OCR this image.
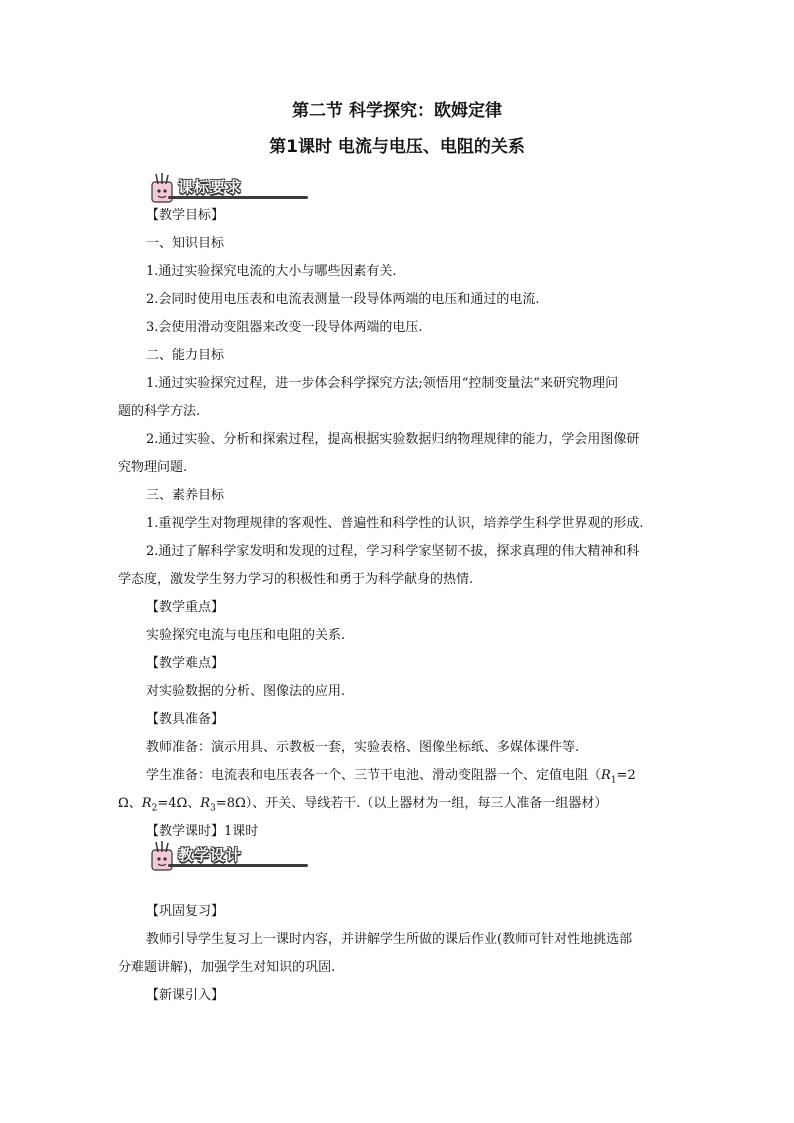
第二节 科学探究：欧姆定律
第1课时 电流与电压、电阻的关系
课标要求
【教学目标】
一、知识目标
1.通过实验探究电流的大小与哪些因素有关.
2.会同时使用电压表和电流表测量一段导体两端的电压和通过的电流.
3.会使用滑动变阻器来改变一段导体两端的电压.
二、能力目标
1.通过实验探究过程，进一步体会科学探究方法;领悟用“控制变量法”来研究物理问
题的科学方法.
2.通过实验、分析和探索过程，提高根据实验数据归纳物理规律的能力，学会用图像研
究物理问题.
三、素养目标
1.重视学生对物理规律的客观性、普遍性和科学性的认识，培养学生科学世界观的形成.
2.通过了解科学家发明和发现的过程，学习科学家坚韧不拔，探求真理的伟大精神和科
学态度，激发学生努力学习的积极性和勇于为科学献身的热情.
【教学重点】
实验探究电流与电压和电阻的关系.
【教学难点】
对实验数据的分析、图像法的应用.
【教具准备】
教师准备：演示用具、示教板一套，实验表格、图像坐标纸、多媒体课件等.
学生准备：电流表和电压表各一个、三节干电池、滑动变阻器一个、定值电阻（$R_1=2$
Ω、$R_2=4\Omega$、$R_3=8\Omega$）、开关、导线若干.（以上器材为一组，每三人准备一组器材）
【教学课时】1课时
教学设计
【巩固复习】
教师引导学生复习上一课时内容，并讲解学生所做的课后作业(教师可针对性地挑选部
分难题讲解)，加强学生对知识的巩固.
【新课引入】
